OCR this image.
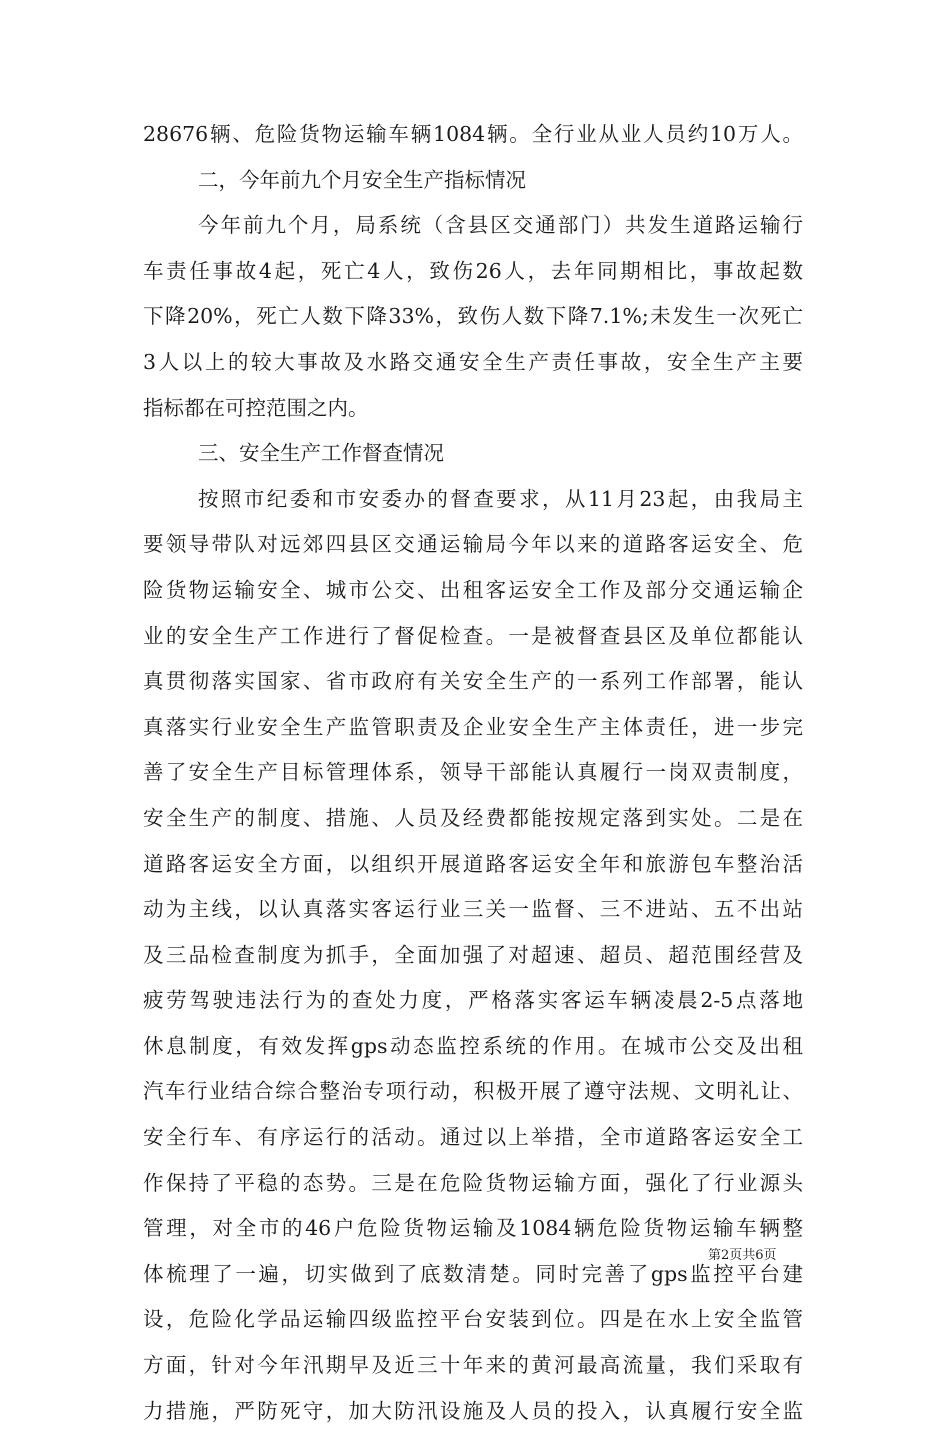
28676辆、危险货物运输车辆1084辆。全行业从业人员约10万人。
二，今年前九个月安全生产指标情况
今年前九个月，局系统（含县区交通部门）共发生道路运输行
车责任事故4起，死亡4人，致伤26人，去年同期相比，事故起数
下降20%，死亡人数下降33%，致伤人数下降7.1%;未发生一次死亡
3人以上的较大事故及水路交通安全生产责任事故，安全生产主要
指标都在可控范围之内。
三、安全生产工作督查情况
按照市纪委和市安委办的督查要求，从11月23起，由我局主
要领导带队对远郊四县区交通运输局今年以来的道路客运安全、危
险货物运输安全、城市公交、出租客运安全工作及部分交通运输企
业的安全生产工作进行了督促检查。一是被督查县区及单位都能认
真贯彻落实国家、省市政府有关安全生产的一系列工作部署，能认
真落实行业安全生产监管职责及企业安全生产主体责任，进一步完
善了安全生产目标管理体系，领导干部能认真履行一岗双责制度，
安全生产的制度、措施、人员及经费都能按规定落到实处。二是在
道路客运安全方面，以组织开展道路客运安全年和旅游包车整治活
动为主线，以认真落实客运行业三关一监督、三不进站、五不出站
及三品检查制度为抓手，全面加强了对超速、超员、超范围经营及
疲劳驾驶违法行为的查处力度，严格落实客运车辆凌晨2-5点落地
休息制度，有效发挥gps动态监控系统的作用。在城市公交及出租
汽车行业结合综合整治专项行动，积极开展了遵守法规、文明礼让、
安全行车、有序运行的活动。通过以上举措，全市道路客运安全工
作保持了平稳的态势。三是在危险货物运输方面，强化了行业源头
管理，对全市的46户危险货物运输及1084辆危险货物运输车辆整
体梳理了一遍，切实做到了底数清楚。同时完善了gps监控平台建
设，危险化学品运输四级监控平台安装到位。四是在水上安全监管
方面，针对今年汛期早及近三十年来的黄河最高流量，我们采取有
力措施，严防死守，加大防汛设施及人员的投入，认真履行安全监
第2页共6页
